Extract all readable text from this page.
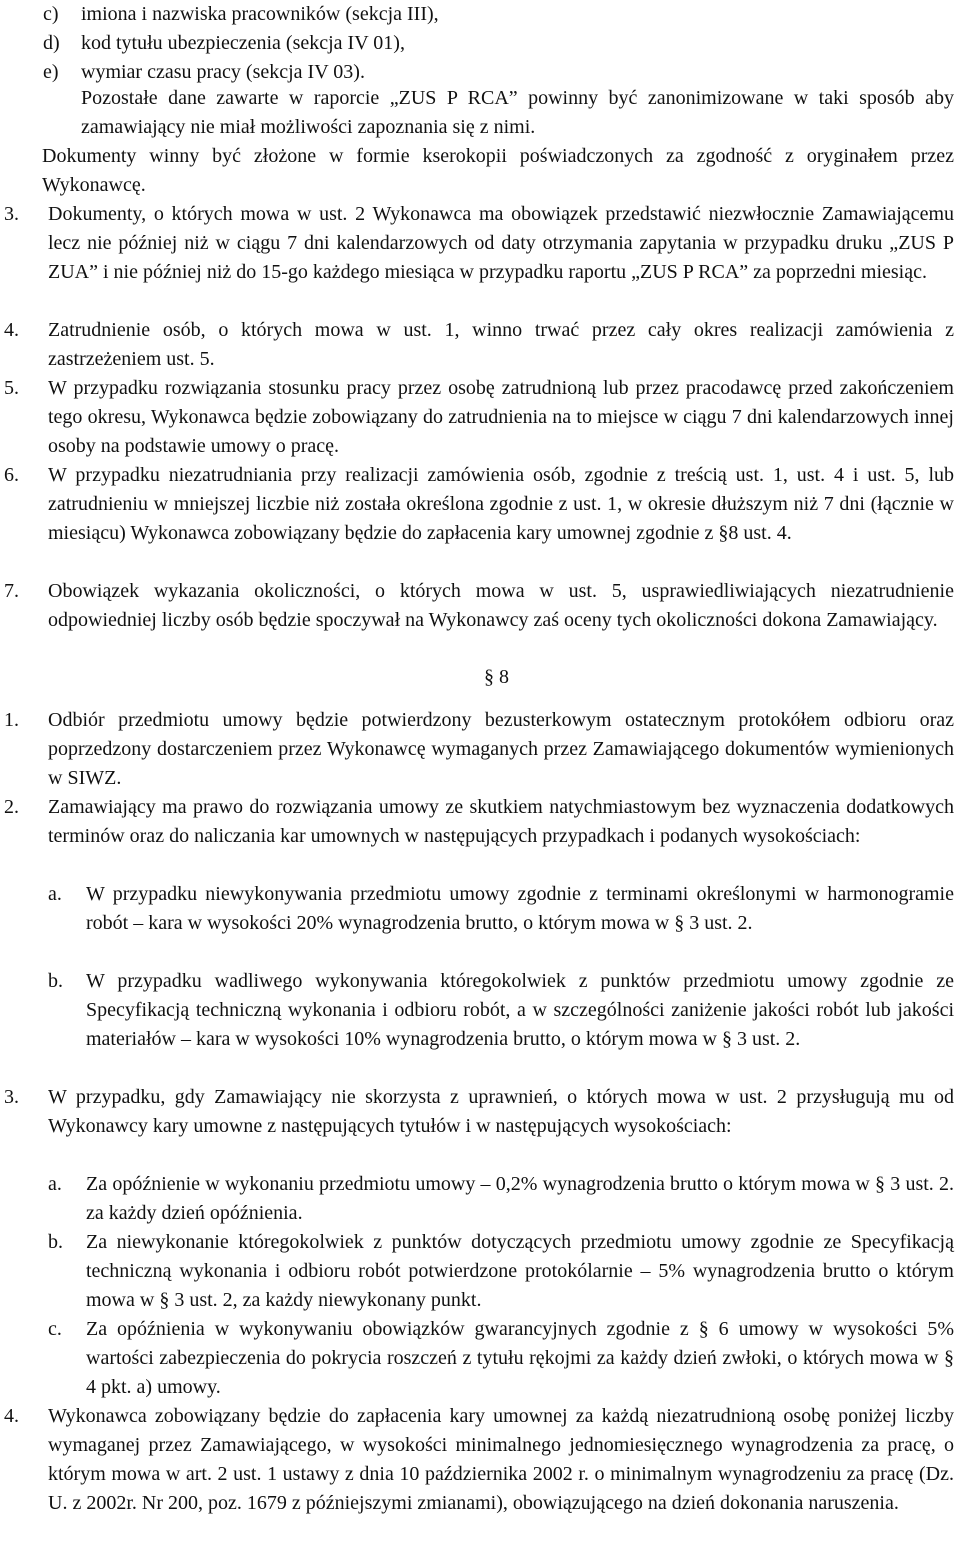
c) imiona i nazwiska pracowników (sekcja III),
d) kod tytułu ubezpieczenia (sekcja IV 01),
e) wymiar czasu pracy (sekcja IV 03).
Pozostałe dane zawarte w raporcie „ZUS P RCA” powinny być zanonimizowane w taki sposób aby zamawiający nie miał możliwości zapoznania się z nimi.
Dokumenty winny być złożone w formie kserokopii poświadczonych za zgodność z oryginałem przez Wykonawcę.
3. Dokumenty, o których mowa w ust. 2 Wykonawca ma obowiązek przedstawić niezwłocznie Zamawiającemu lecz nie później niż w ciągu 7 dni kalendarzowych od daty otrzymania zapytania w przypadku druku „ZUS P ZUA” i nie później niż do 15-go każdego miesiąca w przypadku raportu „ZUS P RCA” za poprzedni miesiąc.
4. Zatrudnienie osób, o których mowa w ust. 1, winno trwać przez cały okres realizacji zamówienia z zastrzeżeniem ust. 5.
5. W przypadku rozwiązania stosunku pracy przez osobę zatrudnioną lub przez pracodawcę przed zakończeniem tego okresu, Wykonawca będzie zobowiązany do zatrudnienia na to miejsce w ciągu 7 dni kalendarzowych innej osoby na podstawie umowy o pracę.
6. W przypadku niezatrudniania przy realizacji zamówienia osób, zgodnie z treścią ust. 1, ust. 4 i ust. 5, lub zatrudnieniu w mniejszej liczbie niż została określona zgodnie z ust. 1, w okresie dłuższym niż 7 dni (łącznie w miesiącu) Wykonawca zobowiązany będzie do zapłacenia kary umownej zgodnie z §8 ust. 4.
7. Obowiązek wykazania okoliczności, o których mowa w ust. 5, usprawiedliwiających niezatrudnienie odpowiedniej liczby osób będzie spoczywał na Wykonawcy zaś oceny tych okoliczności dokona Zamawiający.
§ 8
1. Odbiór przedmiotu umowy będzie potwierdzony bezusterkowym ostatecznym protokółem odbioru oraz poprzedzony dostarczeniem przez Wykonawcę wymaganych przez Zamawiającego dokumentów wymienionych w SIWZ.
2. Zamawiający ma prawo do rozwiązania umowy ze skutkiem natychmiastowym bez wyznaczenia dodatkowych terminów oraz do naliczania kar umownych w następujących przypadkach i podanych wysokościach:
a. W przypadku niewykonywania przedmiotu umowy zgodnie z terminami określonymi w harmonogramie robót – kara w wysokości 20% wynagrodzenia brutto, o którym mowa w § 3 ust. 2.
b. W przypadku wadliwego wykonywania któregokolwiek z punktów przedmiotu umowy zgodnie ze Specyfikacją techniczną wykonania i odbioru robót, a w szczególności zaniżenie jakości robót lub jakości materiałów – kara w wysokości 10% wynagrodzenia brutto, o którym mowa w § 3 ust. 2.
3. W przypadku, gdy Zamawiający nie skorzysta z uprawnień, o których mowa w ust. 2 przysługują mu od Wykonawcy kary umowne z następujących tytułów i w następujących wysokościach:
a. Za opóźnienie w wykonaniu przedmiotu umowy – 0,2% wynagrodzenia brutto o którym mowa w § 3 ust. 2. za każdy dzień opóźnienia.
b. Za niewykonanie któregokolwiek z punktów dotyczących przedmiotu umowy zgodnie ze Specyfikacją techniczną wykonania i odbioru robót potwierdzone protokólarnie – 5% wynagrodzenia brutto o którym mowa w § 3 ust. 2, za każdy niewykonany punkt.
c. Za opóźnienia w wykonywaniu obowiązków gwarancyjnych zgodnie z § 6 umowy w wysokości 5% wartości zabezpieczenia do pokrycia roszczeń z tytułu rękojmi za każdy dzień zwłoki, o których mowa w § 4 pkt. a) umowy.
4. Wykonawca zobowiązany będzie do zapłacenia kary umownej za każdą niezatrudnioną osobę poniżej liczby wymaganej przez Zamawiającego, w wysokości minimalnego jednomiesięcznego wynagrodzenia za pracę, o którym mowa w art. 2 ust. 1 ustawy z dnia 10 października 2002 r. o minimalnym wynagrodzeniu za pracę (Dz. U. z 2002r. Nr 200, poz. 1679 z późniejszymi zmianami), obowiązującego na dzień dokonania naruszenia.
